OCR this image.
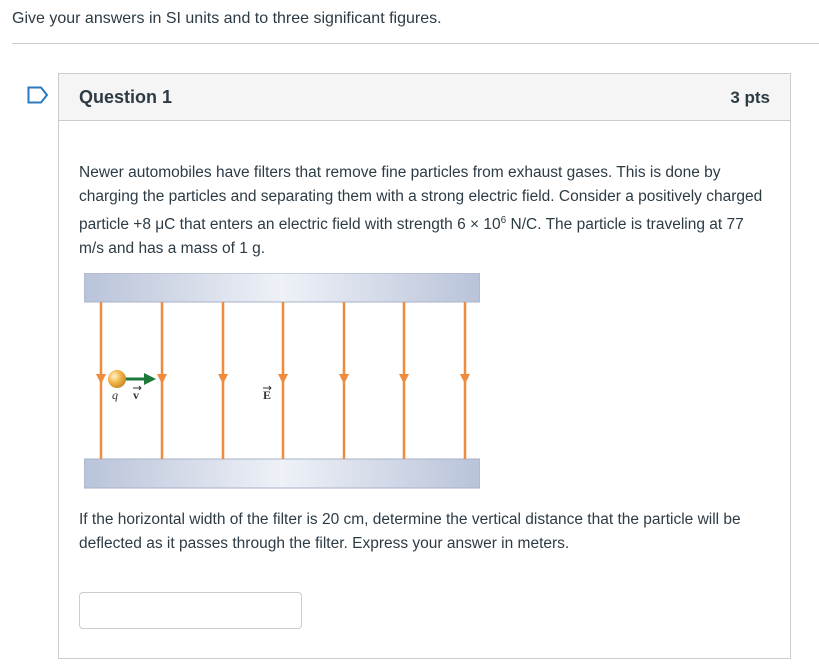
Give your answers in SI units and to three significant figures.
Question 1	3 pts

Newer automobiles have filters that remove fine particles from exhaust gases. This is done by charging the particles and separating them with a strong electric field. Consider a positively charged particle +8 μC that enters an electric field with strength $6 \times 10^6$ N/C. The particle is traveling at 77 m/s and has a mass of 1 g.

q v	E
If the horizontal width of the filter is 20 cm, determine the vertical distance that the particle will be deflected as it passes through the filter. Express your answer in meters.
